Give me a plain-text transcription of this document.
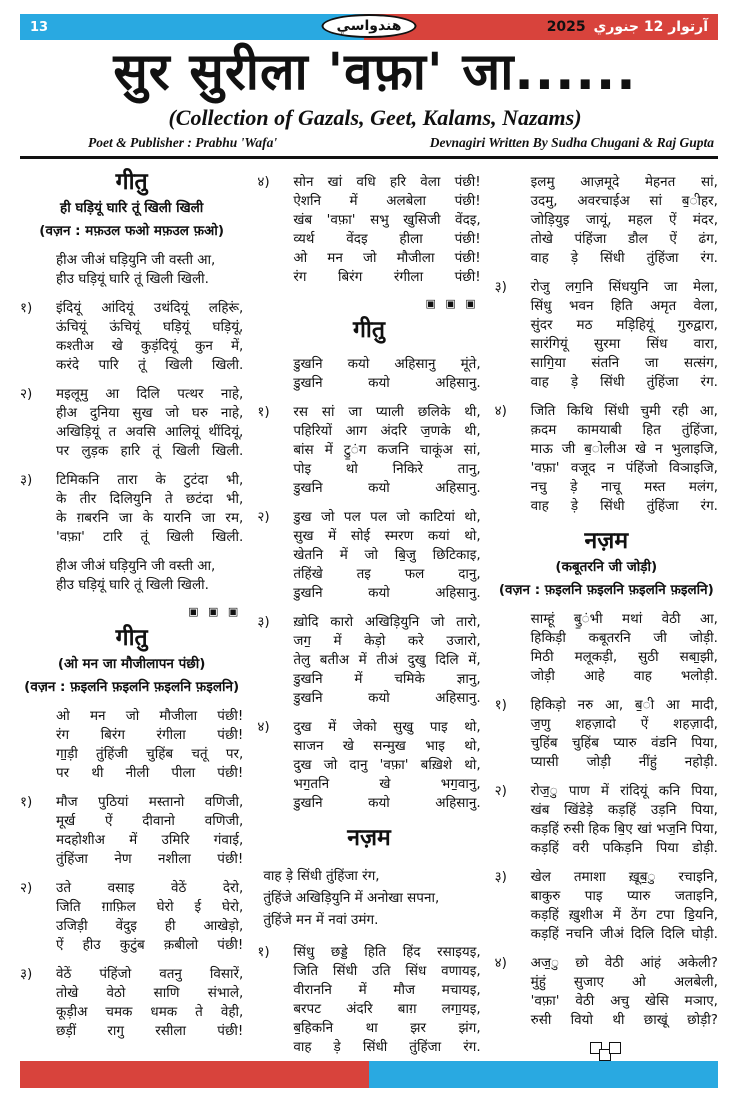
13	آرتوار 12 جنوري 2025
هندواسي
सुर सुरीला 'वफ़ा' जा......
(Collection of Gazals, Geet, Kalams, Nazams)
Poet & Publisher : Prabhu 'Wafa'	Devnagiri Written By Sudha Chugani & Raj Gupta
गीतु
ही घड़ियूं घारि तूं खिली खिली
(वज़न : मफ़उल फओ मफ़उल फ़ओ)
हीअ जीअं घड़ियुनि जी वस्ती आ,
हीउ घड़ियूं घारि तूं खिली खिली.
१)	इंदियूं आंदियूं उथंदियूं लहिरूं,
ऊंचियूं ऊंचियूं घड़ियूं घड़ियूं,
कश्तीअ खे कुड़ंदियूं कुन में,
करंदे पारि तूं खिली खिली.
२)	मइलूमु आ दिलि पत्थर नाहे,
हीअ दुनिया सुख जो घरु नाहे,
अखिड़ियूं त अवसि आलियूं थींदियूं,
पर लुड़क हारि तूं खिली खिली.
३)	टिमिकनि तारा के टुटंदा भी,
के तीर दिलियुनि ते छटंदा भी,
के ग़बरनि जा के यारनि जा रम,
'वफ़ा' टारि तूं खिली खिली.
हीअ जीअं घड़ियुनि जी वस्ती आ,
हीउ घड़ियूं घारि तूं खिली खिली.
▣ ▣ ▣
गीतु
(ओ मन जा मौजीलापन पंछी)
(वज़न : फ़इलनि फ़इलनि फ़इलनि फ़इलनि)
ओ मन जो मौजीला पंछी!
रंग बिरंग रंगीला पंछी!
गा॒ड़ी तुंहिंजी चुहिंब चतूं पर,
पर थी नीली पीला पंछी!
१)	मौज पुठियां मस्तानो वणिजी,
मूर्ख ऐं दीवानो वणिजी,
मदहोशीअ में उमिरि गंवाई,
तुंहिंजा नेण नशीला पंछी!
२)	उते वसाइ वेठें देरो,
जिति ग़ाफ़िल घेरो ई घेरो,
उजिड़ी वेंदुइ ही आखेड़ो,
ऐं हीउ कुटुंब क़बीलो पंछी!
३)	वेठें पंहिंजो वतनु विसारें,
तोखे वेठो साणि संभाले,
कूड़ीअ चमक धमक ते वेही,
छड़ीं रागु रसीला पंछी!
४)	सोन खां वधि हरि वेला पंछी!
ऐशनि में अलबेला पंछी!
खंब 'वफ़ा' सभु खुसिजी वेंदइ,
व्यर्थ वेंदइ हीला पंछी!
ओ मन जो मौजीला पंछी!
रंग बिरंग रंगीला पंछी!
▣ ▣ ▣
गीतु
डुखनि कयो अहिसानु मूंते,
डुखनि कयो अहिसानु.
१)	रस सां जा प्याली छलिके थी,
पहिरियों आग अंदरि ज॒णके थी,
बांस में टु॒ंग कजनि चाकूंअ सां,
पोइ थो निकिरे तानु,
डुखनि कयो अहिसानु.
२)	डुख जो पल पल जो काटियां थो,
सुख में सोई स्मरण कयां थो,
खेतनि में जो बि॒जु छिटिकाइ,
तंहिंखे तइ फल दानु,
डुखनि कयो अहिसानु.
३)	ख़ोदि कारो अखिड़ियुनि जो तारो,
जग॒ में केड़ो करे उजारो,
तेलु बतीअ में तीअं दुखु दिलि में,
डुखनि में चमिके ज्ञानु,
डुखनि कयो अहिसानु.
४)	दुख में जेको सुखु पाइ थो,
साजन खे सन्मुख भाइ थो,
दुख जो दानु 'वफ़ा' बख़िशे थो,
भग॒तनि खे भग॒वानु,
डुखनि कयो अहिसानु.
नज़म
वाह ड़े सिंधी तुंहिंजा रंग,
तुंहिंजे अखिड़ियुनि में अनोखा सपना,
तुंहिंजे मन में नवां उमंग.
१)	सिंधु छड्डे हिति हिंद रसाइयइ,
जिति सिंधी उति सिंध वणायइ,
वीराननि में मौज मचायइ,
बरपट अंदरि बाग़ लगा॒यइ,
ब॒हिकनि था झर झंग,
वाह ड़े सिंधी तुंहिंजा रंग.
इलमु आज़मूदे मेहनत सां,
उदमु, अवरचाईअ सां ब॒ीहर,
जोड़ियुइ जायूं, महल ऐं मंदर,
तोखे पंहिंजा डौल ऐं ढंग,
वाह ड़े सिंधी तुंहिंजा रंग.
३)	रोजु लग॒नि सिंधयुनि जा मेला,
सिंधु भवन हिति अमृत वेला,
सुंदर मठ मड़िहियूं गुरुद्वारा,
सारंगियूं सुरमा सिंध वारा,
सागि॒या संतनि जा सत्संग,
वाह ड़े सिंधी तुंहिंजा रंग.
४)	जिति किथि सिंधी चुमी रही आ,
क़दम कामयाबी हित तुंहिंजा,
माऊ जी ब॒ोलीअ खे न भुलाइजि,
'वफ़ा' वजूद न पंहिंजो विञाइजि,
नचु ड़े नाचू मस्त मलंग,
वाह ड़े सिंधी तुंहिंजा रंग.
नज़म
(कबूतरनि जी जोड़ी)
(वज़न : फ़इलनि फ़इलनि फ़इलनि फ़इलनि)
साम्हूं बु॒ंभी मथां वेठी आ,
हिकिड़ी कबूतरनि जी जोड़ी.
मिठी मलूकड़ी, सुठी सबा॒झी,
जोड़ी आहे वाह भलोड़ी.
१)	हिकिड़ो नरु आ, ब॒ी आ मादी,
ज॒णु शहज़ादो ऐं शहज़ादी,
चुहिंब चुहिंब प्यारु वंडनि पिया,
प्यासी जोड़ी नींहुं नहोड़ी.
२)	रोज॒ु पाण में रांदियूं कनि पिया,
खंब खिंडेड़े कड़हिं उड़नि पिया,
कड़हिं रुसी हिक बि॒ए खां भज॒नि पिया,
कड़हिं वरी पकिड़नि पिया डोड़ी.
३)	खेल तमाशा ख़ूब॒ु रचाइनि,
बाकुरु पाइ प्यारु जताइनि,
कड़हिं ख़ुशीअ में ठेंग टपा डि॒यनि,
कड़हिं नचनि जीअं दिलि दिलि घोड़ी.
४)	अज॒ु छो वेठी आंहं अकेली?
मुंहुं सुजाए ओ अलबेली,
'वफ़ा' वेठी अचु खेसि मञाए,
रुसी वियो थी छाखूं छोड़ी?
